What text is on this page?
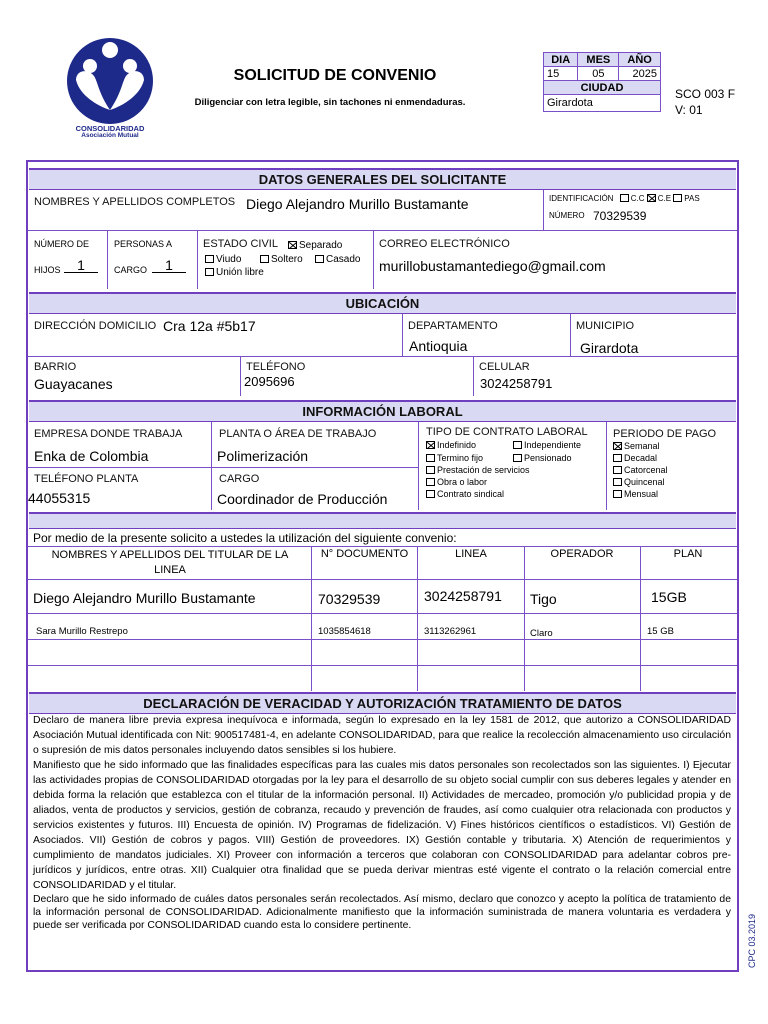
CONSOLIDARIDAD
Asociación Mutual
SOLICITUD DE CONVENIO
Diligenciar con letra legible, sin tachones ni enmendaduras.
DIA	MES	AÑO
15	05	2025
CIUDAD		
Girardota		
SCO 003 F
V: 01
DATOS GENERALES DEL SOLICITANTE
NOMBRES Y APELLIDOS COMPLETOS Diego Alejandro Murillo Bustamante	IDENTIFICACIÓN C.C C.E PAS
NÚMERO 70329539
NÚMERO DE
HIJOS	1
PERSONAS A
CARGO	1
ESTADO CIVIL	Separado
Viudo	Soltero	Casado
Unión libre
CORREO ELECTRÓNICO
murillobustamantediego@gmail.com
UBICACIÓN
DIRECCIÓN DOMICILIO Cra 12a #5b17	DEPARTAMENTO
Antioquia
MUNICIPIO
Girardota
BARRIO
Guayacanes
TELÉFONO
2095696
CELULAR
3024258791
INFORMACIÓN LABORAL
EMPRESA DONDE TRABAJA
Enka de Colombia
PLANTA O ÁREA DE TRABAJO
Polimerización
TELÉFONO PLANTA
44055315
CARGO
Coordinador de Producción
TIPO DE CONTRATO LABORAL
Indefinido	Independiente
Termino fijo	Pensionado
Prestación de servicios
Obra o labor
Contrato sindical
PERIODO DE PAGO
Semanal
Decadal
Catorcenal
Quincenal
Mensual
Por medio de la presente solicito a ustedes la utilización del siguiente convenio:
NOMBRES Y APELLIDOS DEL TITULAR DE LA LINEA
N° DOCUMENTO	LINEA	OPERADOR	PLAN
Diego Alejandro Murillo Bustamante	70329539	3024258791 Tigo	15GB
Sara Murillo Restrepo	1035854618	3113262961	Claro	15 GB
DECLARACIÓN DE VERACIDAD Y AUTORIZACIÓN TRATAMIENTO DE DATOS

Declaro de manera libre previa expresa inequívoca e informada, según lo expresado en la ley 1581 de 2012, que autorizo a CONSOLIDARIDAD Asociación Mutual identificada con Nit: 900517481-4, en adelante CONSOLIDARIDAD, para que realice la recolección almacenamiento uso circulación o supresión de mis datos personales incluyendo datos sensibles si los hubiere.

Manifiesto que he sido informado que las finalidades específicas para las cuales mis datos personales son recolectados son las siguientes. I) Ejecutar las actividades propias de CONSOLIDARIDAD otorgadas por la ley para el desarrollo de su objeto social cumplir con sus deberes legales y atender en debida forma la relación que establezca con el titular de la información personal. II) Actividades de mercadeo, promoción y/o publicidad propia y de aliados, venta de productos y servicios, gestión de cobranza, recaudo y prevención de fraudes, así como cualquier otra relacionada con productos y servicios existentes y futuros. III) Encuesta de opinión. IV) Programas de fidelización. V) Fines históricos científicos o estadísticos. VI) Gestión de Asociados. VII) Gestión de cobros y pagos. VIII) Gestión de proveedores. IX) Gestión contable y tributaria. X) Atención de requerimientos y cumplimiento de mandatos judiciales. XI) Proveer con información a terceros que colaboran con CONSOLIDARIDAD para adelantar cobros pre-jurídicos y jurídicos, entre otras. XII) Cualquier otra finalidad que se pueda derivar mientras esté vigente el contrato o la relación comercial entre CONSOLIDARIDAD y el titular.

Declaro que he sido informado de cuáles datos personales serán recolectados. Así mismo, declaro que conozco y acepto la política de tratamiento de la información personal de CONSOLIDARIDAD. Adicionalmente manifiesto que la información suministrada de manera voluntaria es verdadera y puede ser verificada por CONSOLIDARIDAD cuando esta lo considere pertinente.	CPC 03.2019
